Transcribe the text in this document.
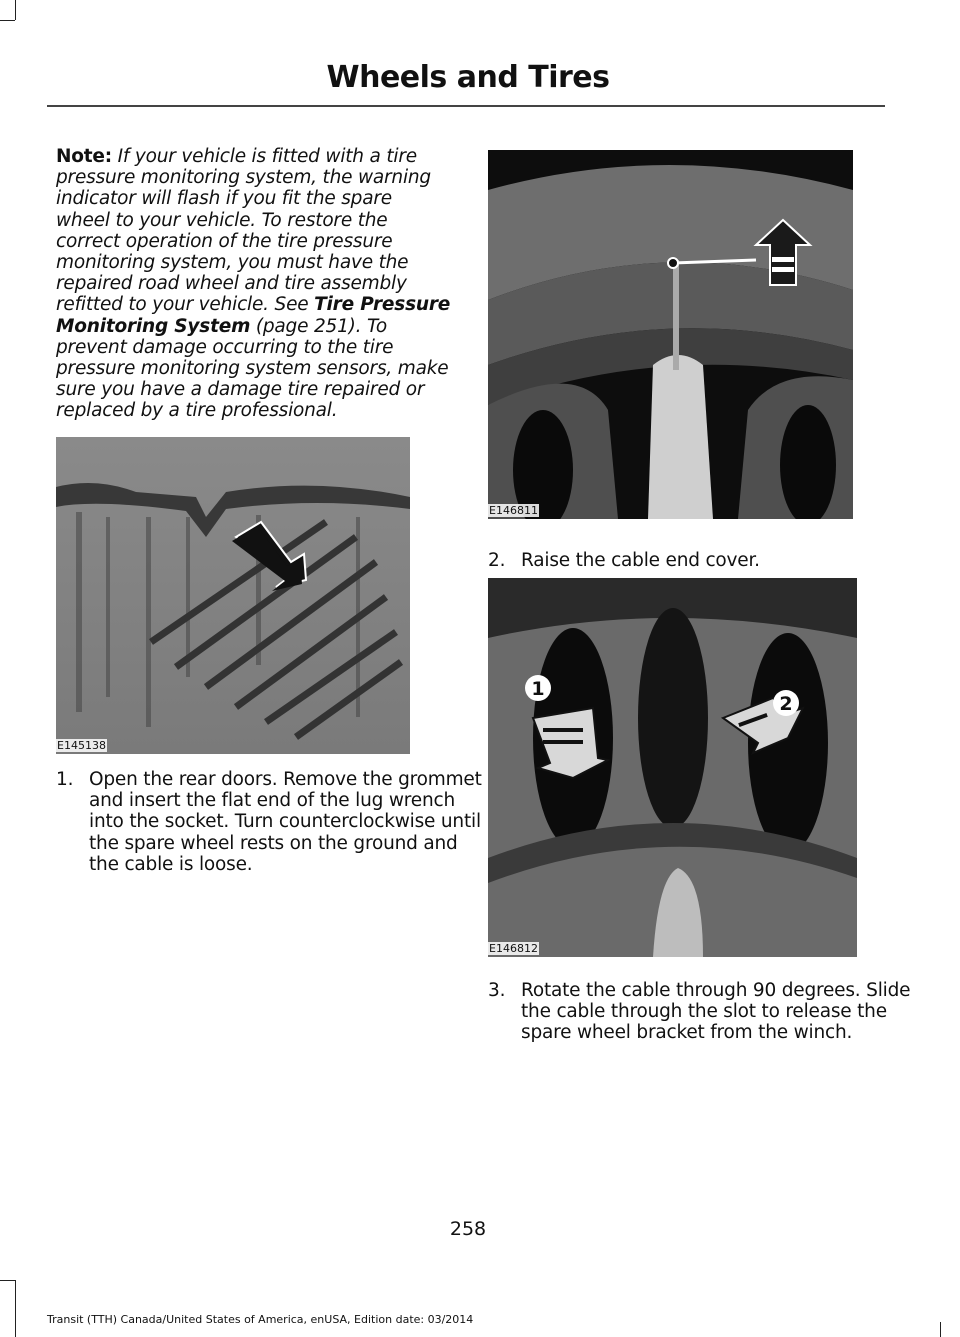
Wheels and Tires

Note: If your vehicle is fitted with a tire pressure monitoring system, the warning indicator will flash if you fit the spare wheel to your vehicle. To restore the correct operation of the tire pressure monitoring system, you must have the repaired road wheel and tire assembly refitted to your vehicle. See Tire Pressure Monitoring System (page 251). To prevent damage occurring to the tire pressure monitoring system sensors, make sure you have a damage tire repaired or replaced by a tire professional.

E145138
1. Open the rear doors. Remove the grommet and insert the flat end of the lug wrench into the socket. Turn counterclockwise until the spare wheel rests on the ground and the cable is loose.
E146811
2. Raise the cable end cover.
1
2
E146812
3. Rotate the cable through 90 degrees. Slide the cable through the slot to release the spare wheel bracket from the winch.
258
Transit (TTH) Canada/United States of America, enUSA, Edition date: 03/2014
